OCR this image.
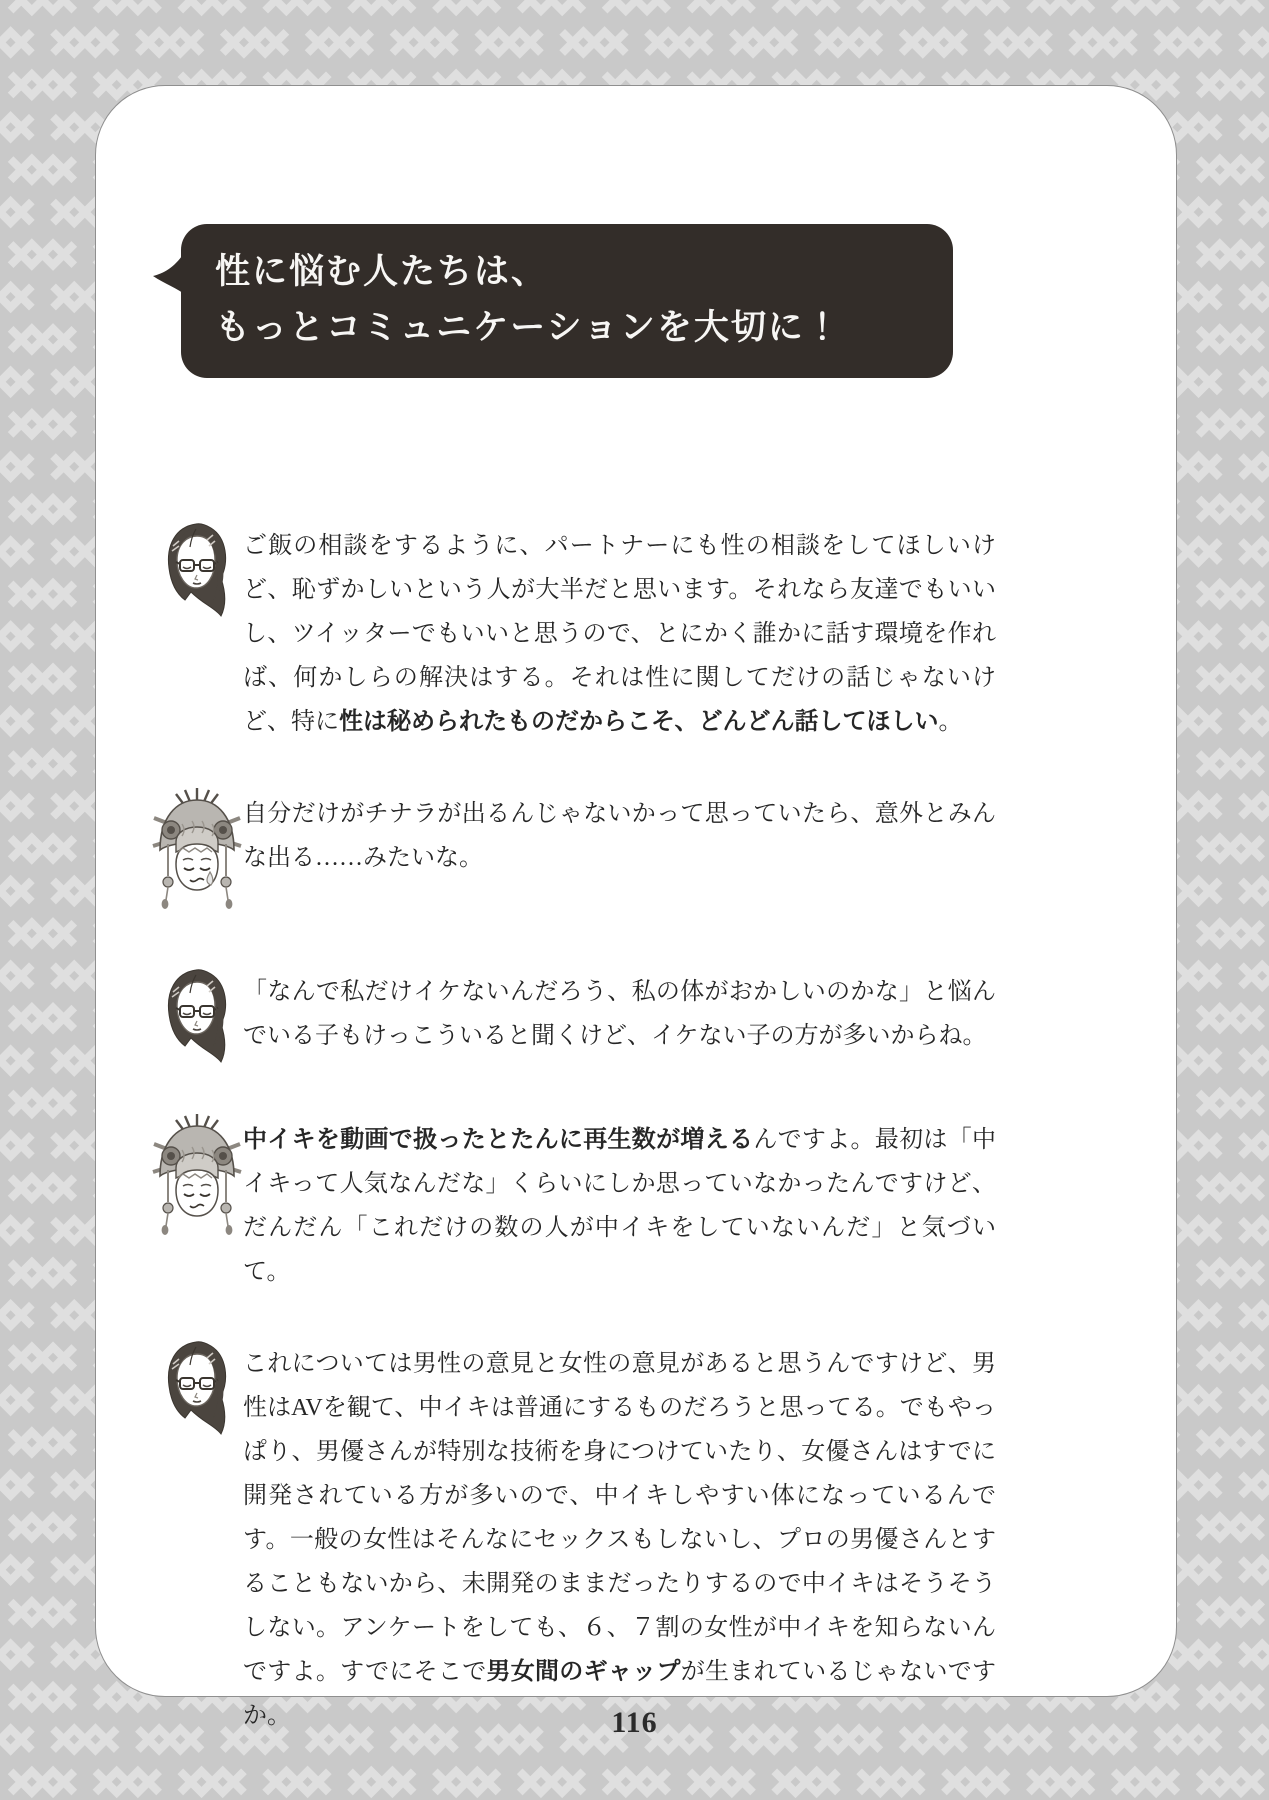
性に悩む人たちは、
もっとコミュニケーションを大切に！

ご飯の相談をするように、パートナーにも性の相談をしてほしいけど、恥ずかしいという人が大半だと思います。それなら友達でもいいし、ツイッターでもいいと思うので、とにかく誰かに話す環境を作れば、何かしらの解決はする。それは性に関してだけの話じゃないけど、特に性は秘められたものだからこそ、どんどん話してほしい。

自分だけがチナラが出るんじゃないかって思っていたら、意外とみんな出る……みたいな。

「なんで私だけイケないんだろう、私の体がおかしいのかな」と悩んでいる子もけっこういると聞くけど、イケない子の方が多いからね。

中イキを動画で扱ったとたんに再生数が増えるんですよ。最初は「中イキって人気なんだな」くらいにしか思っていなかったんですけど、だんだん「これだけの数の人が中イキをしていないんだ」と気づいて。

これについては男性の意見と女性の意見があると思うんですけど、男性はAVを観て、中イキは普通にするものだろうと思ってる。でもやっぱり、男優さんが特別な技術を身につけていたり、女優さんはすでに開発されている方が多いので、中イキしやすい体になっているんです。一般の女性はそんなにセックスもしないし、プロの男優さんとすることもないから、未開発のままだったりするので中イキはそうそうしない。アンケートをしても、６、７割の女性が中イキを知らないんですよ。すでにそこで男女間のギャップが生まれているじゃないですか。	116
